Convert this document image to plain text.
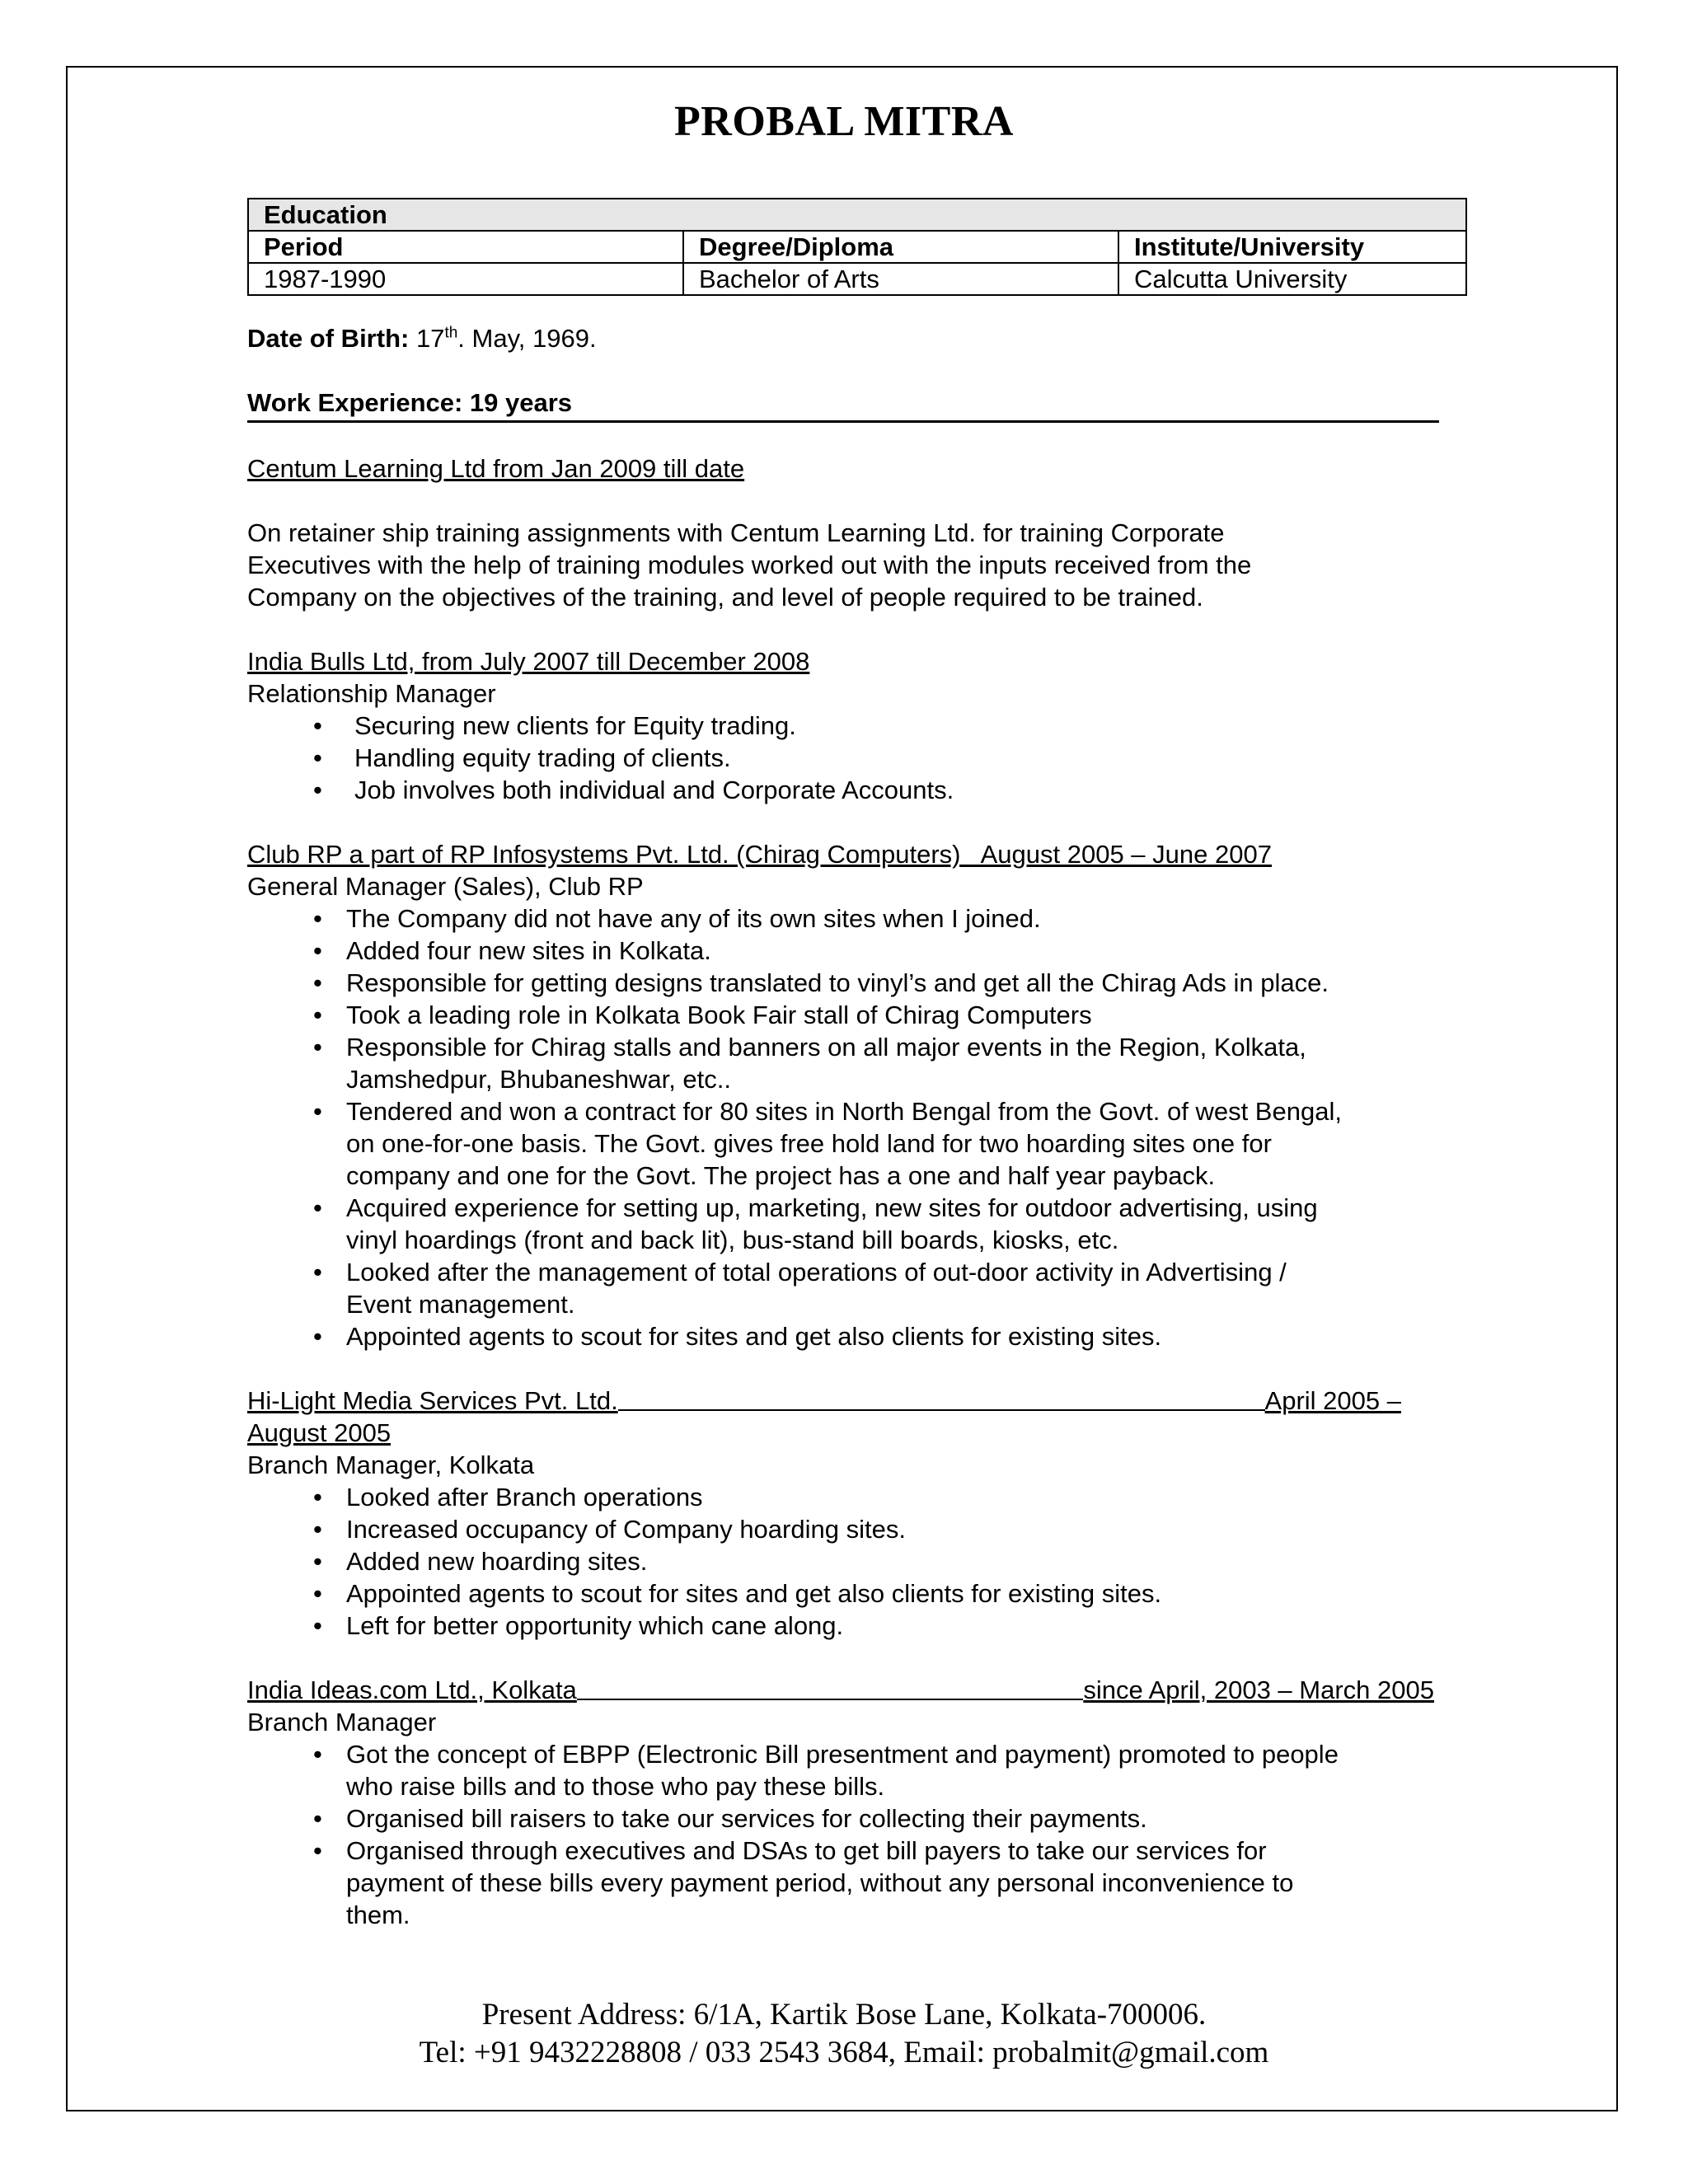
PROBAL MITRA
Education		
Period	Degree/Diploma	Institute/University
1987-1990	Bachelor of Arts	Calcutta University
Date of Birth: 17th. May, 1969.
Work Experience: 19 years
Centum Learning Ltd from Jan 2009 till date
On retainer ship training assignments with Centum Learning Ltd. for training Corporate
Executives with the help of training modules worked out with the inputs received from the
Company on the objectives of the training, and level of people required to be trained.
India Bulls Ltd, from July 2007 till December 2008
Relationship Manager
• Securing new clients for Equity trading.
• Handling equity trading of clients.
• Job involves both individual and Corporate Accounts.
Club RP a part of RP Infosystems Pvt. Ltd. (Chirag Computers)   August 2005 – June 2007
General Manager (Sales), Club RP
• The Company did not have any of its own sites when I joined.
• Added four new sites in Kolkata.
• Responsible for getting designs translated to vinyl’s and get all the Chirag Ads in place.
• Took a leading role in Kolkata Book Fair stall of Chirag Computers
• Responsible for Chirag stalls and banners on all major events in the Region, Kolkata,
Jamshedpur, Bhubaneshwar, etc..
• Tendered and won a contract for 80 sites in North Bengal from the Govt. of west Bengal,
on one-for-one basis. The Govt. gives free hold land for two hoarding sites one for
company and one for the Govt. The project has a one and half year payback.
• Acquired experience for setting up, marketing, new sites for outdoor advertising, using
vinyl hoardings (front and back lit), bus-stand bill boards, kiosks, etc.
• Looked after the management of total operations of out-door activity in Advertising /
Event management.
• Appointed agents to scout for sites and get also clients for existing sites.
Hi-Light Media Services Pvt. Ltd.	April 2005 –
August 2005
Branch Manager, Kolkata
• Looked after Branch operations
• Increased occupancy of Company hoarding sites.
• Added new hoarding sites.
• Appointed agents to scout for sites and get also clients for existing sites.
• Left for better opportunity which cane along.
India Ideas.com Ltd., Kolkata	since April, 2003 – March 2005
Branch Manager
• Got the concept of EBPP (Electronic Bill presentment and payment) promoted to people
who raise bills and to those who pay these bills.
• Organised bill raisers to take our services for collecting their payments.
• Organised through executives and DSAs to get bill payers to take our services for
payment of these bills every payment period, without any personal inconvenience to
them.
Present Address: 6/1A, Kartik Bose Lane, Kolkata-700006.
Tel: +91 9432228808 / 033 2543 3684, Email: probalmit@gmail.com
